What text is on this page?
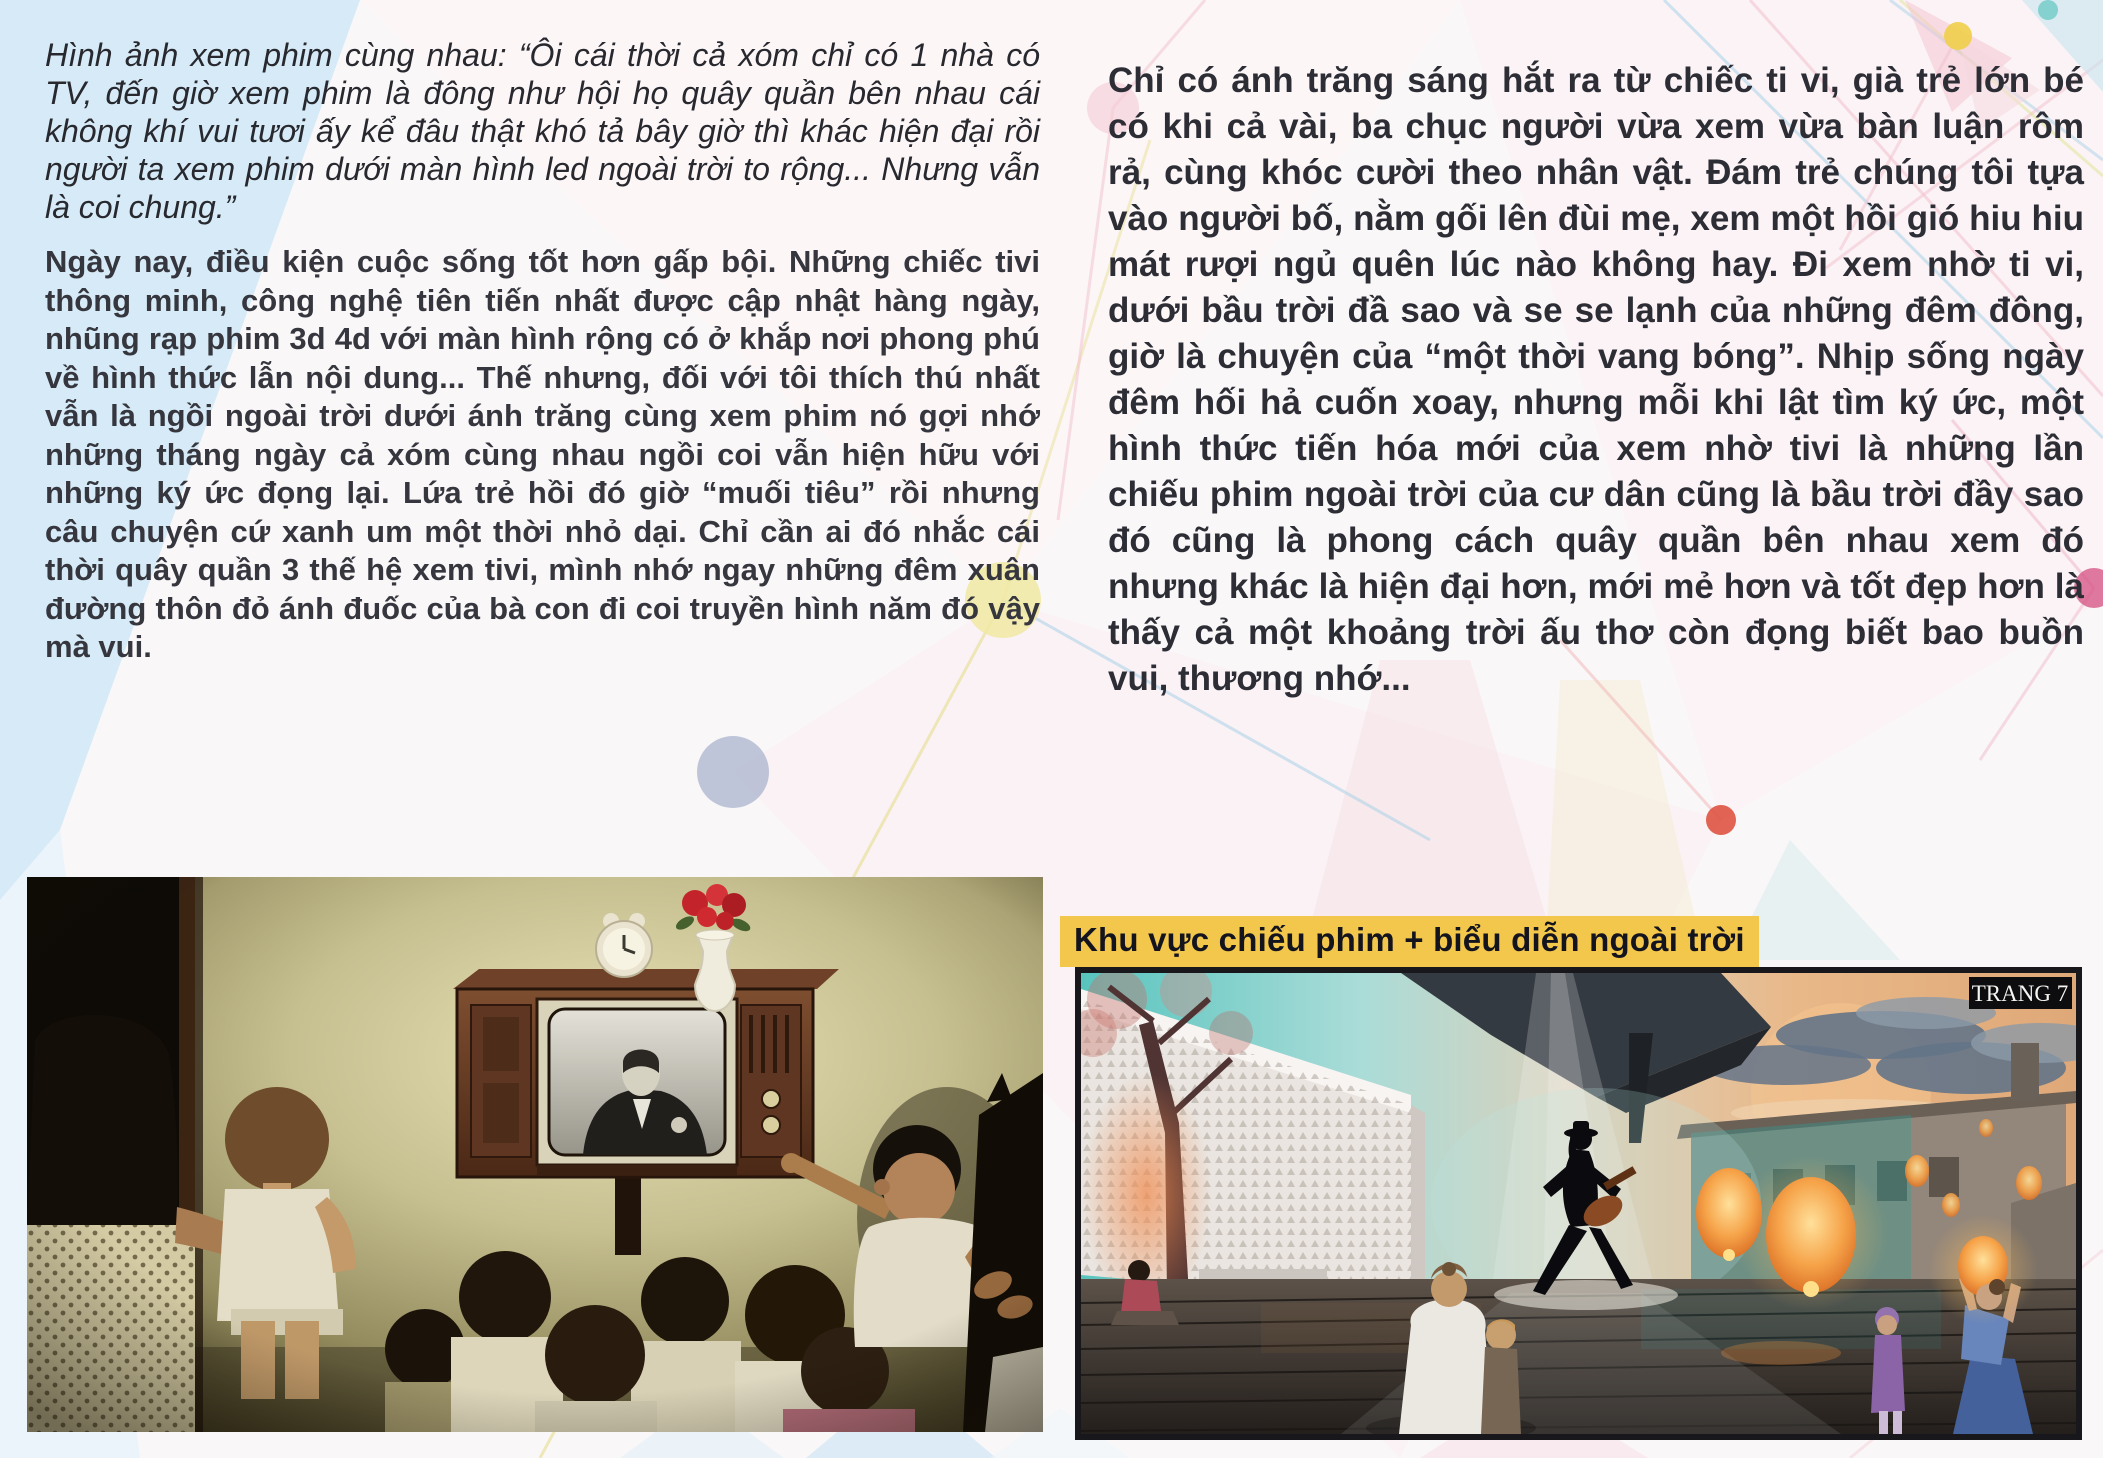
Hình ảnh xem phim cùng nhau: “Ôi cái thời cả xóm chỉ có 1 nhà có TV, đến giờ xem phim là đông như hội họ quây quần bên nhau cái không khí vui tươi ấy kể đâu thật khó tả bây giờ thì khác hiện đại rồi người ta xem phim dưới màn hình led ngoài trời to rộng... Nhưng vẫn là coi chung.”

Ngày nay, điều kiện cuộc sống tốt hơn gấp bội. Những chiếc tivi thông minh, công nghệ tiên tiến nhất được cập nhật hàng ngày, nhũng rạp phim 3d 4d với màn hình rộng có ở khắp nơi phong phú về hình thức lẫn nội dung... Thế nhưng, đối với tôi thích thú nhất vẫn là ngồi ngoài trời dưới ánh trăng cùng xem phim nó gợi nhớ những tháng ngày cả xóm cùng nhau ngồi coi vẫn hiện hữu với những ký ức đọng lại. Lứa trẻ hồi đó giờ “muối tiêu” rồi nhưng câu chuyện cứ xanh um một thời nhỏ dại. Chỉ cần ai đó nhắc cái thời quây quần 3 thế hệ xem tivi, mình nhớ ngay những đêm xuân đường thôn đỏ ánh đuốc của bà con đi coi truyền hình năm đó vậy mà vui.

Chỉ có ánh trăng sáng hắt ra từ chiếc ti vi, già trẻ lớn bé có khi cả vài, ba chục người vừa xem vừa bàn luận rôm rả, cùng khóc cười theo nhân vật. Đám trẻ chúng tôi tựa vào người bố, nằm gối lên đùi mẹ, xem một hồi gió hiu hiu mát rượi ngủ quên lúc nào không hay. Đi xem nhờ ti vi, dưới bầu trời đầ sao và se se lạnh của những đêm đông, giờ là chuyện của “một thời vang bóng”. Nhịp sống ngày đêm hối hả cuốn xoay, nhưng mỗi khi lật tìm ký ức, một hình thức tiến hóa mới của xem nhờ tivi là những lần chiếu phim ngoài trời của cư dân cũng là bầu trời đầy sao đó cũng là phong cách quây quần bên nhau xem đó nhưng khác là hiện đại hơn, mới mẻ hơn và tốt đẹp hơn là thấy cả một khoảng trời ấu thơ còn đọng biết bao buồn vui, thương nhớ...

Khu vực chiếu phim + biểu diễn ngoài trời
TRANG 7
